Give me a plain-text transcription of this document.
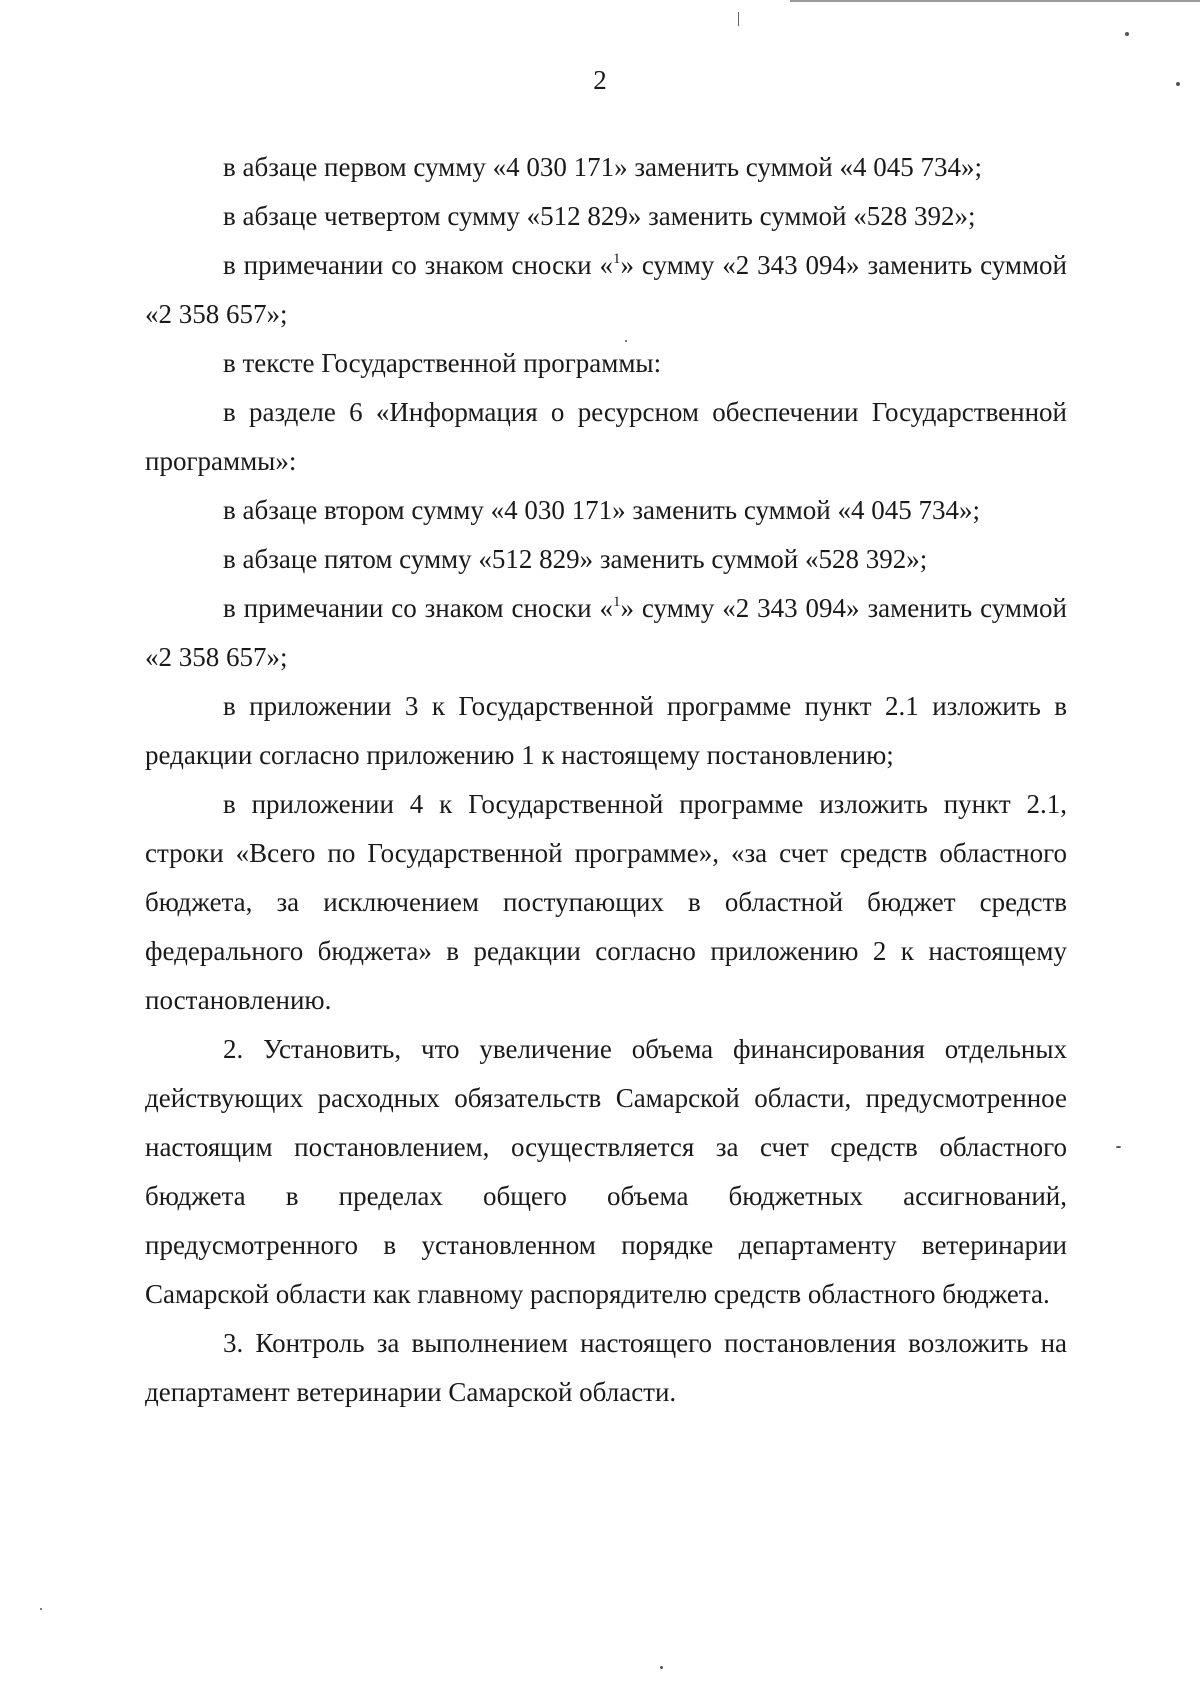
2

в абзаце первом сумму «4 030 171» заменить суммой «4 045 734»;

в абзаце четвертом сумму «512 829» заменить суммой «528 392»;

в примечании со знаком сноски «$^1$» сумму «2 343 094» заменить суммой «2 358 657»;

в тексте Государственной программы:

в разделе 6 «Информация о ресурсном обеспечении Государственной программы»:

в абзаце втором сумму «4 030 171» заменить суммой «4 045 734»;

в абзаце пятом сумму «512 829» заменить суммой «528 392»;

в примечании со знаком сноски «$^1$» сумму «2 343 094» заменить суммой «2 358 657»;

в приложении 3 к Государственной программе пункт 2.1 изложить в редакции согласно приложению 1 к настоящему постановлению;

в приложении 4 к Государственной программе изложить пункт 2.1, строки «Всего по Государственной программе», «за счет средств областного бюджета, за исключением поступающих в областной бюджет средств федерального бюджета» в редакции согласно приложению 2 к настоящему постановлению.

2. Установить, что увеличение объема финансирования отдельных действующих расходных обязательств Самарской области, предусмотренное настоящим постановлением, осуществляется за счет средств областного бюджета в пределах общего объема бюджетных ассигнований, предусмотренного в установленном порядке департаменту ветеринарии Самарской области как главному распорядителю средств областного бюджета.

3. Контроль за выполнением настоящего постановления возложить на департамент ветеринарии Самарской области.
